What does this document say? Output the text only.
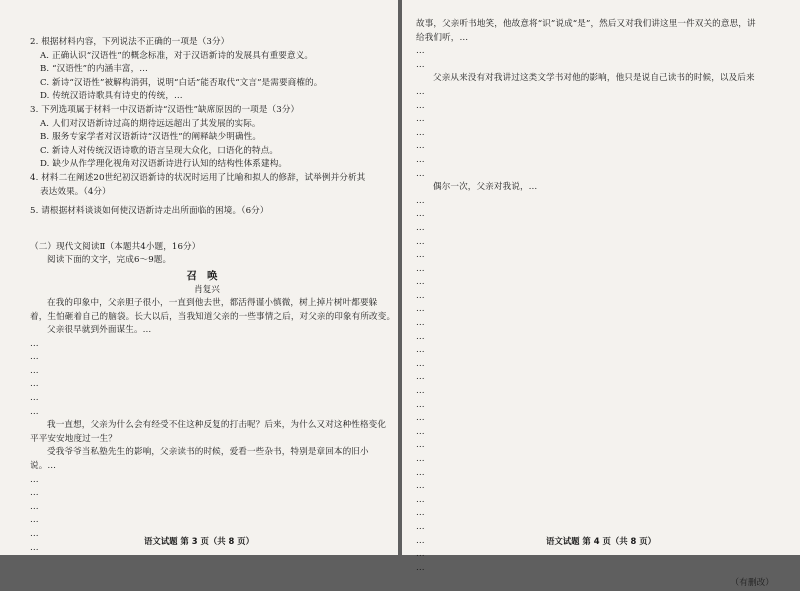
2. 根据材料内容，下列说法不正确的一项是（3分）
A. 正确认识“汉语性”的概念标准，对于汉语新诗的发展具有重要意义。
B. “汉语性”的内涵丰富，…
C. 新诗“汉语性”被解构消弭，说明“白话”能否取代“文言”是需要商榷的。
D. 传统汉语诗歌具有诗史的传统，…
3. 下列选项属于材料一中汉语新诗“汉语性”缺席原因的一项是（3分）
A. 人们对汉语新诗过高的期待远远超出了其发展的实际。
B. 服务专家学者对汉语新诗“汉语性”的阐释缺少明确性。
C. 新诗人对传统汉语诗歌的语言呈现大众化，口语化的特点。
D. 缺少从作学理化视角对汉语新诗进行认知的结构性体系建构。
4. 材料二在阐述20世纪初汉语新诗的状况时运用了比喻和拟人的修辞，试举例并分析其
表达效果。（4分）
5. 请根据材料谈谈如何使汉语新诗走出所面临的困境。（6分）
（二）现代文阅读Ⅱ（本题共4小题，16分）
阅读下面的文字，完成6～9题。
召唤
肖复兴
在我的印象中，父亲胆子很小，一直到他去世，都活得谨小慎微，树上掉片树叶都要躲
着，生怕砸着自己的脑袋。长大以后，当我知道父亲的一些事情之后，对父亲的印象有所改变。
父亲很早就到外面谋生。…
…
…
…
…
…
…
我一直想，父亲为什么会有经受不住这种反复的打击呢？后来，为什么又对这种性格变化
平平安安地度过一生？
受我爷爷当私塾先生的影响，父亲读书的时候，爱看一些杂书，特别是章回本的旧小
说。…
…
…
…
…
…
…
语文试题 第 3 页（共 8 页）
故事，父亲听书地笑，他故意将“识”说成“是”，然后又对我们讲这里一件双关的意思，讲
给我们听，…
…
…
父亲从来没有对我讲过这类文学书对他的影响，他只是说自己读书的时候，以及后来
…
…
…
…
…
…
…
偶尔一次，父亲对我说，…
…
…
…
…
…
…
…
…
…
…
…
…
…
…
…
…
…
…
…
…
…
…
…
…
…
…
…
…
（有删改）
语文试题 第 4 页（共 8 页）
